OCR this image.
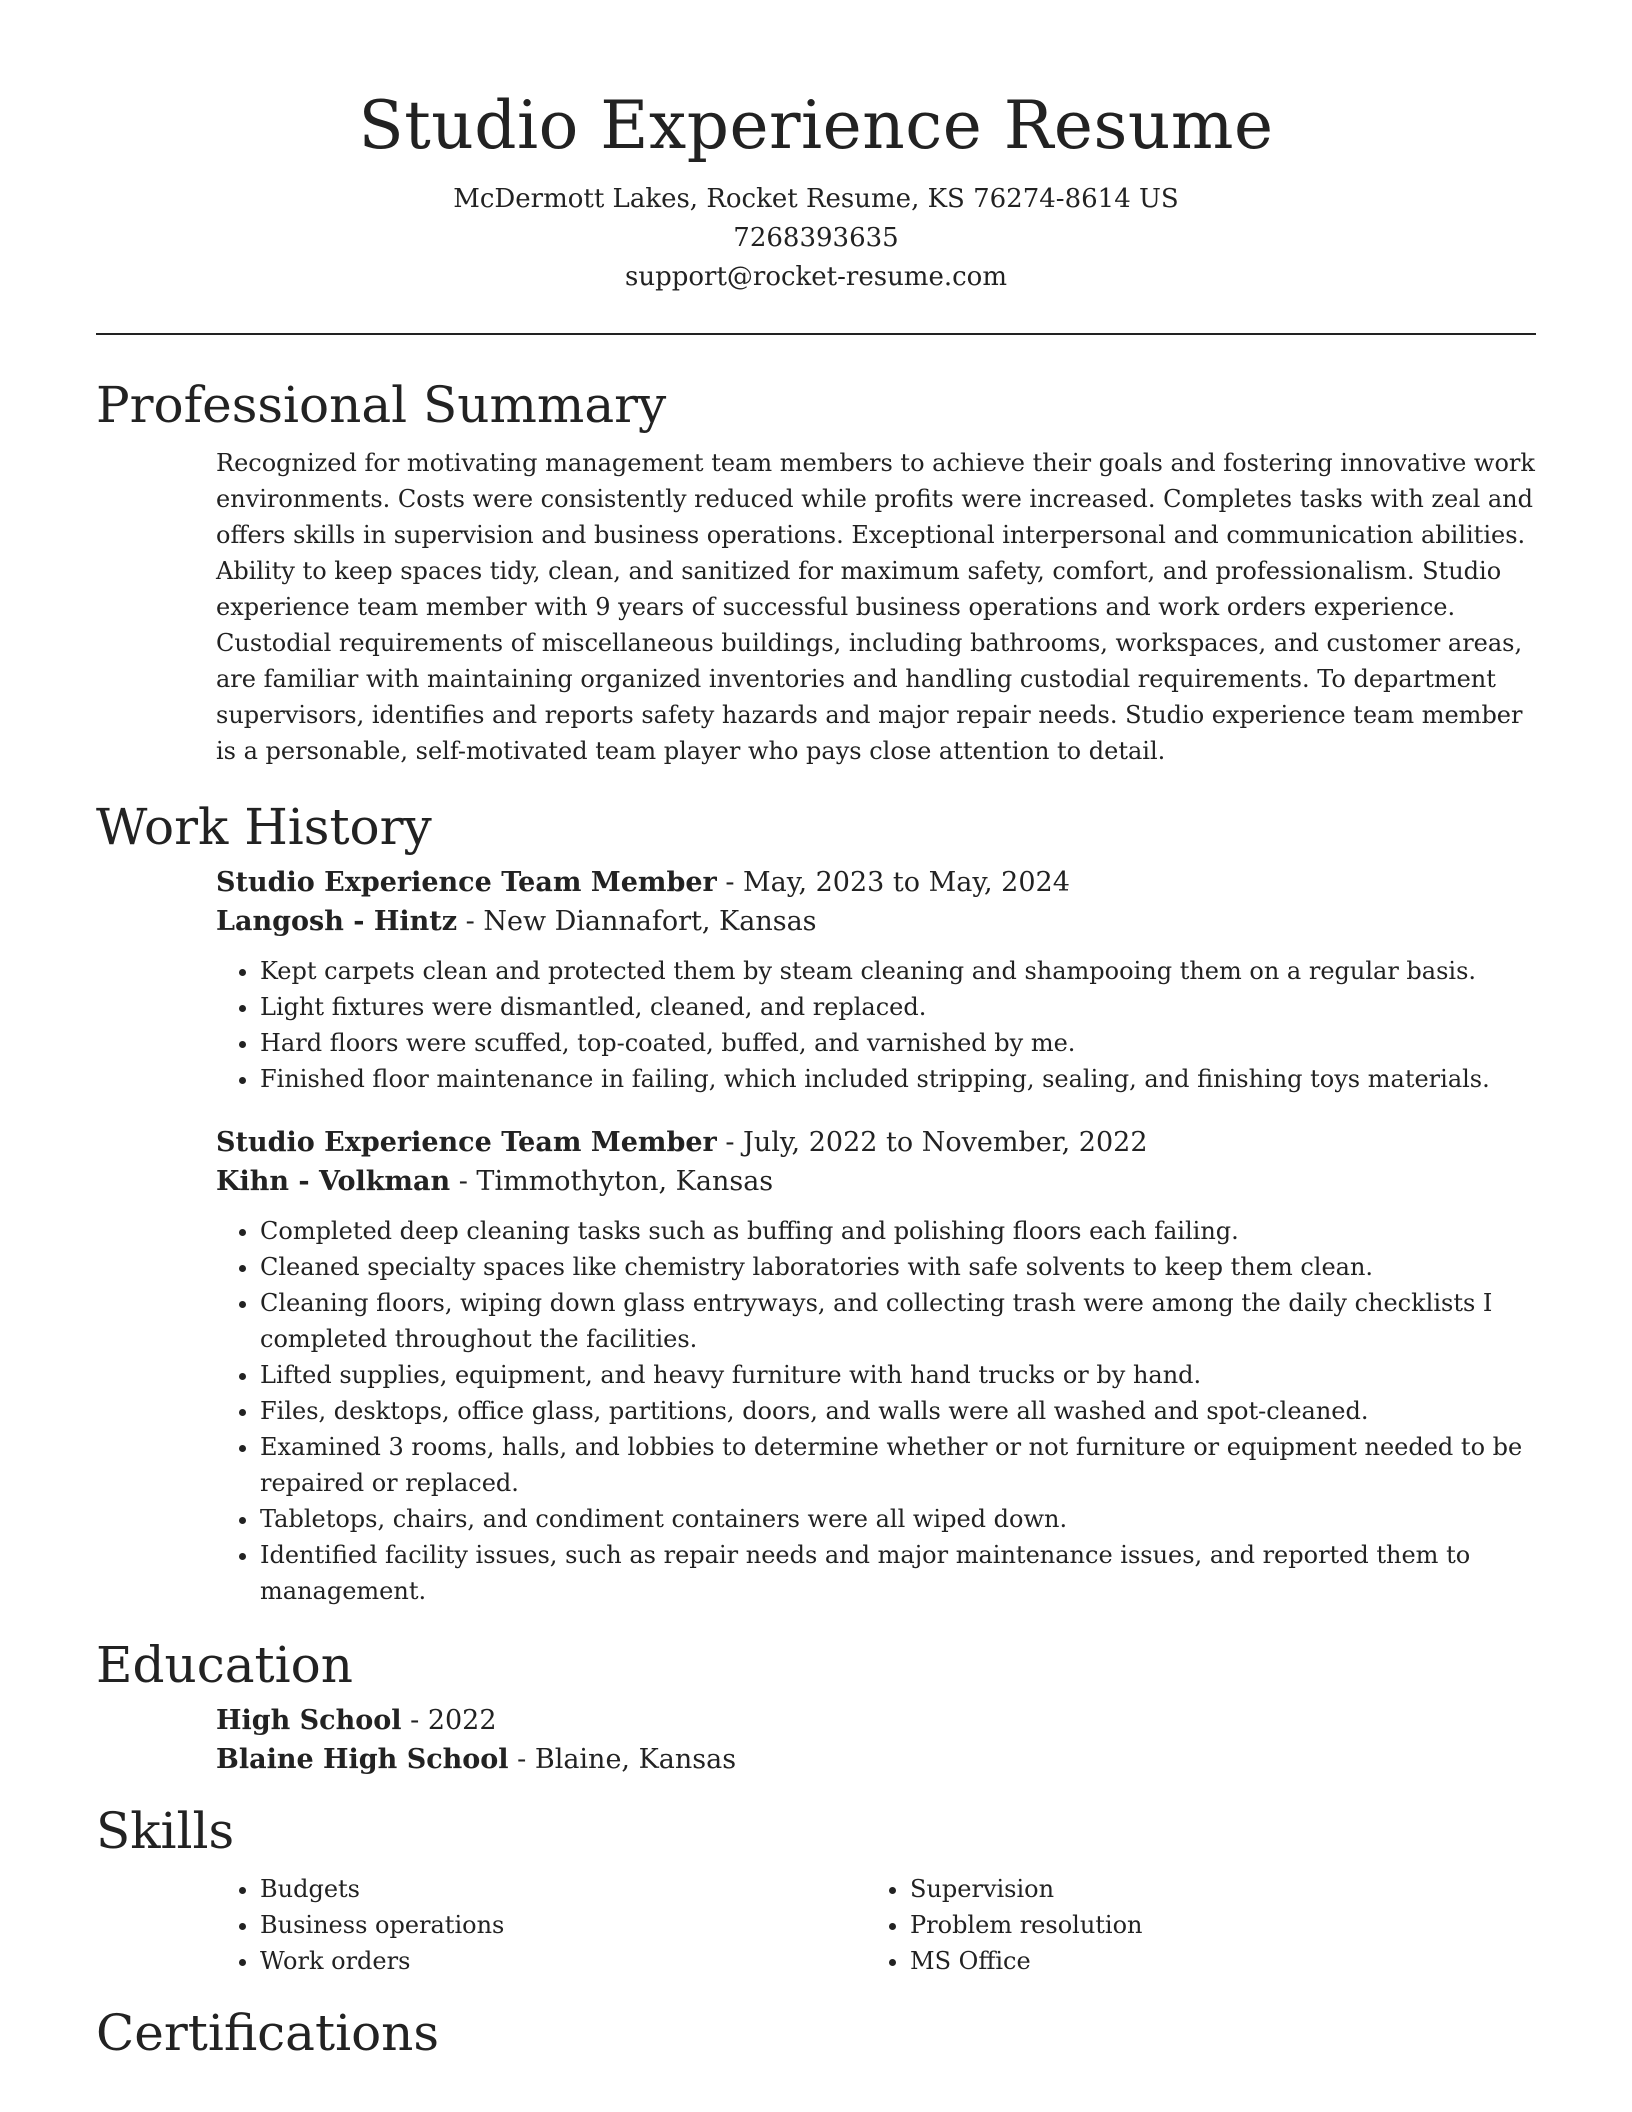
Studio Experience Resume
McDermott Lakes, Rocket Resume, KS 76274-8614 US
7268393635
support@rocket-resume.com
Professional Summary

Recognized for motivating management team members to achieve their goals and fostering innovative work environments. Costs were consistently reduced while profits were increased. Completes tasks with zeal and offers skills in supervision and business operations. Exceptional interpersonal and communication abilities. Ability to keep spaces tidy, clean, and sanitized for maximum safety, comfort, and professionalism. Studio experience team member with 9 years of successful business operations and work orders experience. Custodial requirements of miscellaneous buildings, including bathrooms, workspaces, and customer areas, are familiar with maintaining organized inventories and handling custodial requirements. To department supervisors, identifies and reports safety hazards and major repair needs. Studio experience team member is a personable, self-motivated team player who pays close attention to detail.

Work History
Studio Experience Team Member - May, 2023 to May, 2024
Langosh - Hintz - New Diannafort, Kansas
• Kept carpets clean and protected them by steam cleaning and shampooing them on a regular basis.
• Light fixtures were dismantled, cleaned, and replaced.
• Hard floors were scuffed, top-coated, buffed, and varnished by me.
• Finished floor maintenance in failing, which included stripping, sealing, and finishing toys materials.
Studio Experience Team Member - July, 2022 to November, 2022
Kihn - Volkman - Timmothyton, Kansas
• Completed deep cleaning tasks such as buffing and polishing floors each failing.
• Cleaned specialty spaces like chemistry laboratories with safe solvents to keep them clean.
• Cleaning floors, wiping down glass entryways, and collecting trash were among the daily checklists I completed throughout the facilities.
• Lifted supplies, equipment, and heavy furniture with hand trucks or by hand.
• Files, desktops, office glass, partitions, doors, and walls were all washed and spot-cleaned.
• Examined 3 rooms, halls, and lobbies to determine whether or not furniture or equipment needed to be repaired or replaced.
• Tabletops, chairs, and condiment containers were all wiped down.
• Identified facility issues, such as repair needs and major maintenance issues, and reported them to management.
Education
High School - 2022
Blaine High School - Blaine, Kansas
Skills
• Budgets
• Business operations
• Work orders
• Supervision
• Problem resolution
• MS Office
Certifications
